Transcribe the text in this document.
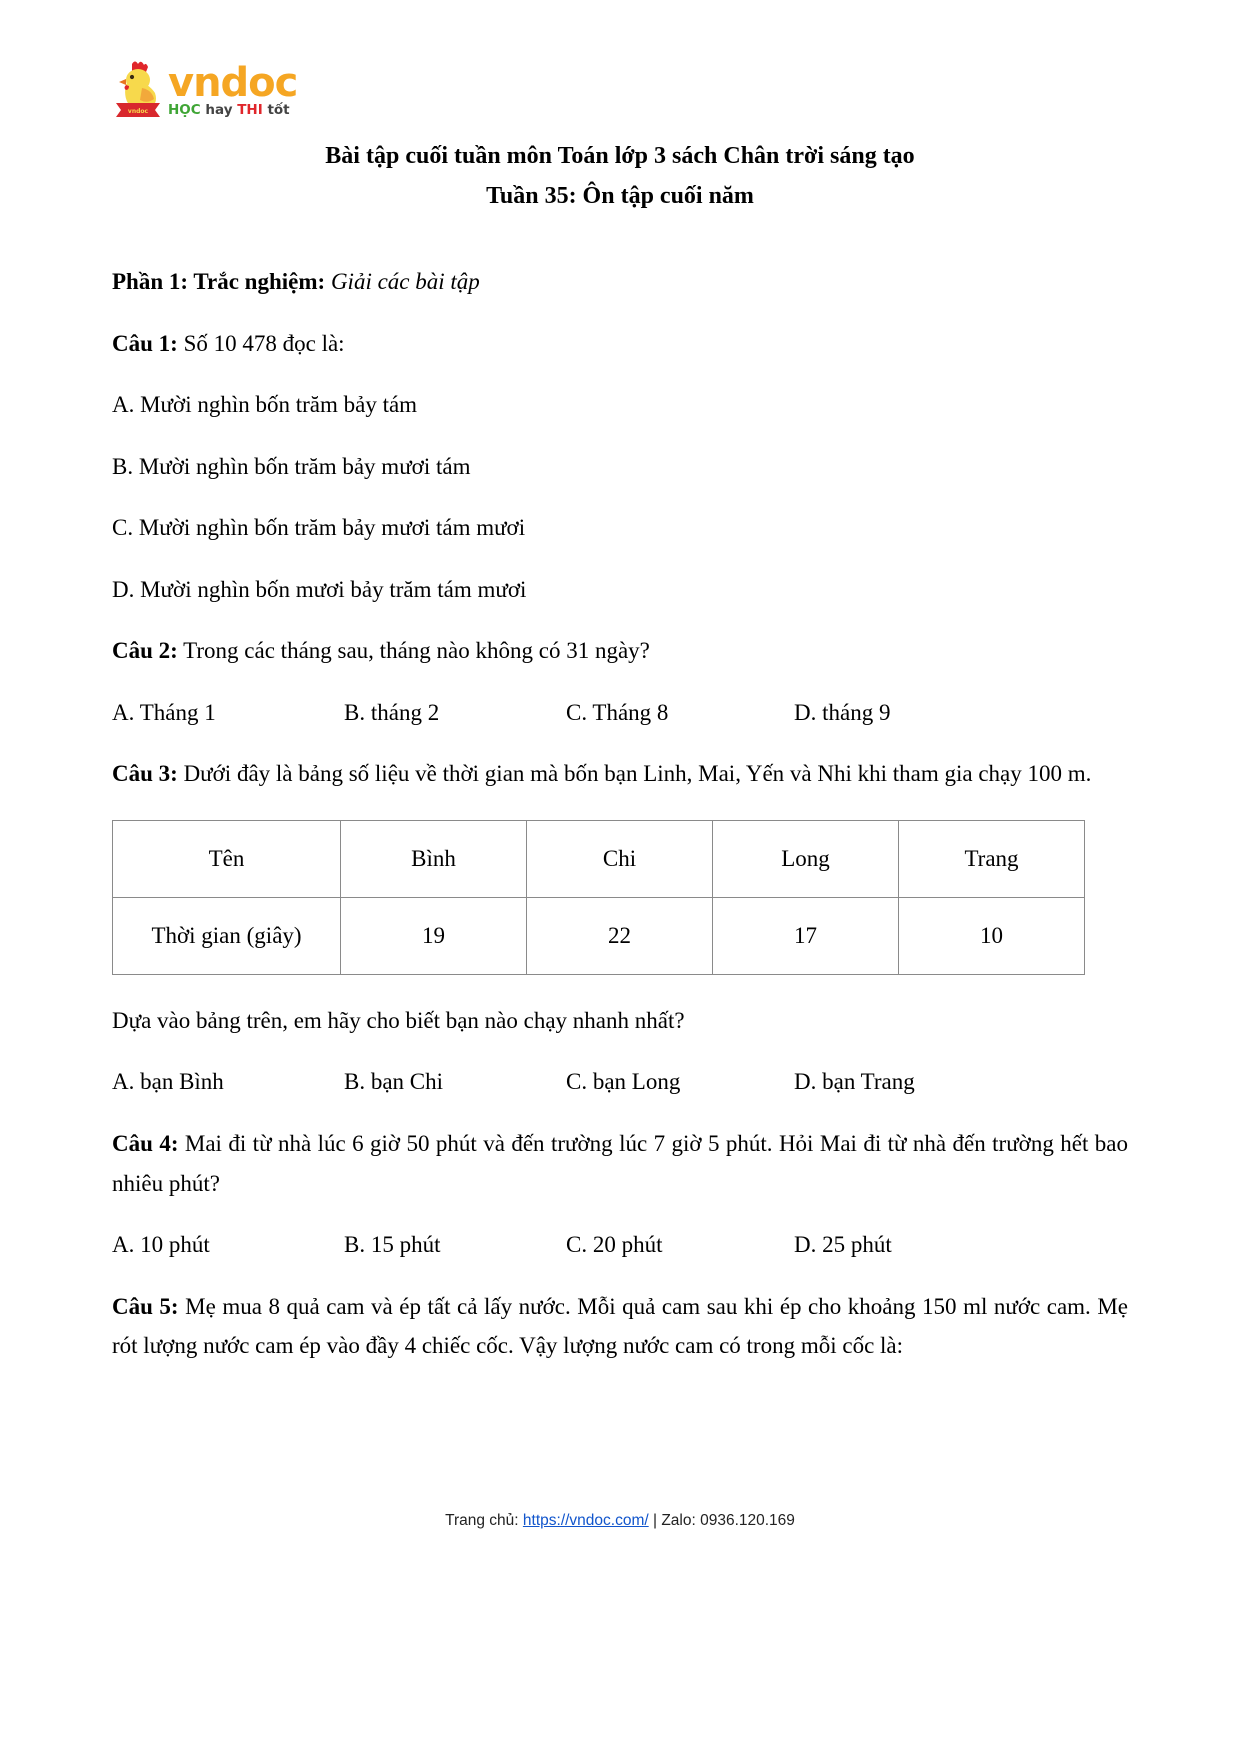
vndoc
vndoc
HỌC hay THI tốt
Bài tập cuối tuần môn Toán lớp 3 sách Chân trời sáng tạo
Tuần 35: Ôn tập cuối năm

Phần 1: Trắc nghiệm: Giải các bài tập

Câu 1: Số 10 478 đọc là:

A. Mười nghìn bốn trăm bảy tám

B. Mười nghìn bốn trăm bảy mươi tám

C. Mười nghìn bốn trăm bảy mươi tám mươi

D. Mười nghìn bốn mươi bảy trăm tám mươi

Câu 2: Trong các tháng sau, tháng nào không có 31 ngày?

A. Tháng 1	B. tháng 2	C. Tháng 8	D. tháng 9

Câu 3: Dưới đây là bảng số liệu về thời gian mà bốn bạn Linh, Mai, Yến và Nhi khi tham gia chạy 100 m.

Tên	Bình	Chi	Long	Trang
Thời gian (giây)	19	22	17	10

Dựa vào bảng trên, em hãy cho biết bạn nào chạy nhanh nhất?

A. bạn Bình	B. bạn Chi	C. bạn Long	D. bạn Trang

Câu 4: Mai đi từ nhà lúc 6 giờ 50 phút và đến trường lúc 7 giờ 5 phút. Hỏi Mai đi từ nhà đến trường hết bao nhiêu phút?

A. 10 phút	B. 15 phút	C. 20 phút	D. 25 phút

Câu 5: Mẹ mua 8 quả cam và ép tất cả lấy nước. Mỗi quả cam sau khi ép cho khoảng 150 ml nước cam. Mẹ rót lượng nước cam ép vào đầy 4 chiếc cốc. Vậy lượng nước cam có trong mỗi cốc là:

Trang chủ: https://vndoc.com/ | Zalo: 0936.120.169
